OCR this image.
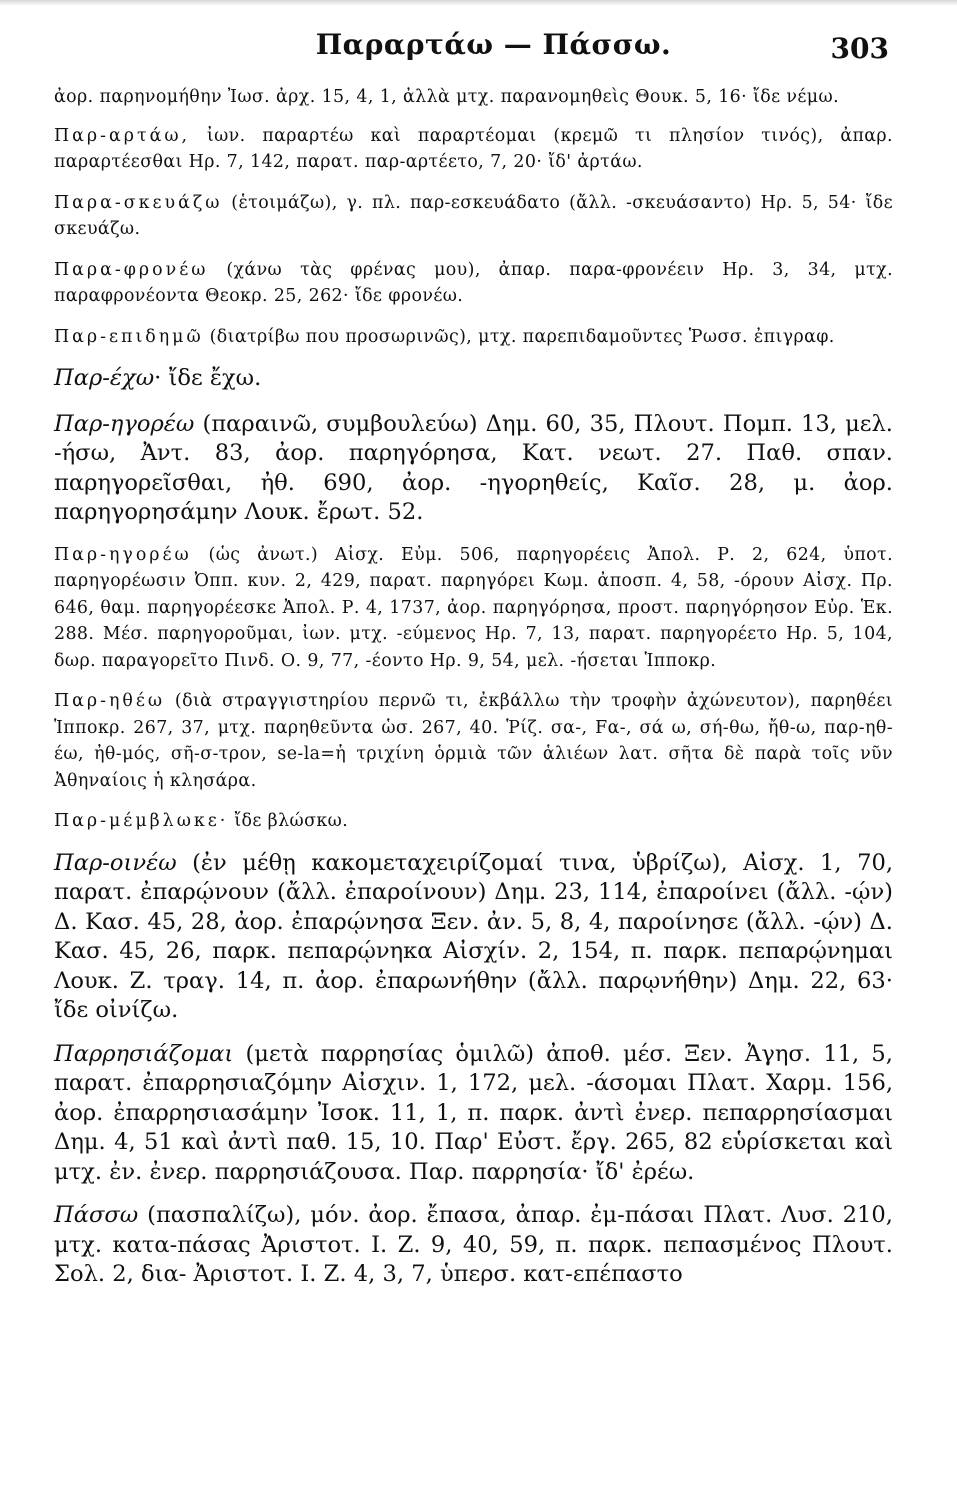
Παραρτάω — Πάσσω.	303

ἀορ. παρηνομήθην Ἰωσ. ἀρχ. 15, 4, 1, ἀλλὰ μτχ. παρανομηθεὶς Θουκ. 5, 16· ἴδε νέμω.

Παρ-αρτάω, ἰων. παραρτέω καὶ παραρτέομαι (κρεμῶ τι πλησίον τινός), ἀπαρ. παραρτέεσθαι Ηρ. 7, 142, παρατ. παρ-αρτέετο, 7, 20· ἴδ' ἀρτάω.

Παρα-σκευάζω (ἑτοιμάζω), γ. πλ. παρ-εσκευάδατο (ἄλλ. -σκευάσαντο) Ηρ. 5, 54· ἴδε σκευάζω.

Παρα-φρονέω (χάνω τὰς φρένας μου), ἀπαρ. παρα-φρονέειν Ηρ. 3, 34, μτχ. παραφρονέοντα Θεοκρ. 25, 262· ἴδε φρονέω.

Παρ-επιδημῶ (διατρίβω που προσωρινῶς), μτχ. παρεπιδαμοῦντες Ῥωσσ. ἐπιγραφ.

Παρ-έχω· ἴδε ἔχω.

Παρ-ηγορέω (παραινῶ, συμβουλεύω) Δημ. 60, 35, Πλουτ. Πομπ. 13, μελ. -ήσω, Ἀντ. 83, ἀορ. παρηγόρησα, Κατ. νεωτ. 27. Παθ. σπαν. παρηγορεῖσθαι, ἠθ. 690, ἀορ. -ηγορηθείς, Καῖσ. 28, μ. ἀορ. παρηγορησάμην Λουκ. ἔρωτ. 52.

Παρ-ηγορέω (ὡς ἀνωτ.) Αἰσχ. Εὐμ. 506, παρηγορέεις Ἀπολ. Ρ. 2, 624, ὑποτ. παρηγορέωσιν Ὀππ. κυν. 2, 429, παρατ. παρηγόρει Κωμ. ἀποσπ. 4, 58, -όρουν Αἰσχ. Πρ. 646, θαμ. παρηγορέεσκε Ἀπολ. Ρ. 4, 1737, ἀορ. παρηγόρησα, προστ. παρηγόρησον Εὐρ. Ἑκ. 288. Μέσ. παρηγοροῦμαι, ἰων. μτχ. -εύμενος Ηρ. 7, 13, παρατ. παρηγορέετο Ηρ. 5, 104, δωρ. παραγορεῖτο Πινδ. Ο. 9, 77, -έοντο Ηρ. 9, 54, μελ. -ήσεται Ἱπποκρ.

Παρ-ηθέω (διὰ στραγγιστηρίου περνῶ τι, ἐκβάλλω τὴν τροφὴν ἀχώνευτον), παρηθέει Ἱπποκρ. 267, 37, μτχ. παρηθεῦντα ὡσ. 267, 40. Ῥίζ. σα-, Fα-, σά ω, σή-θω, ἤθ-ω, παρ-ηθ-έω, ἠθ-μός, σῆ-σ-τρον, se-la=ἡ τριχίνη ὁρμιὰ τῶν ἁλιέων λατ. σῆτα δὲ παρὰ τοῖς νῦν Ἀθηναίοις ἡ κλησάρα.

Παρ-μέμβλωκε· ἴδε βλώσκω.

Παρ-οινέω (ἐν μέθῃ κακομεταχειρίζομαί τινα, ὑβρίζω), Αἰσχ. 1, 70, παρατ. ἐπαρῴνουν (ἄλλ. ἐπαροίνουν) Δημ. 23, 114, ἐπαροίνει (ἄλλ. -ῴν) Δ. Κασ. 45, 28, ἀορ. ἐπαρῴνησα Ξεν. ἀν. 5, 8, 4, παροίνησε (ἄλλ. -ῴν) Δ. Κασ. 45, 26, παρκ. πεπαρῴνηκα Αἰσχίν. 2, 154, π. παρκ. πεπαρῴνημαι Λουκ. Ζ. τραγ. 14, π. ἀορ. ἐπαρωνήθην (ἄλλ. παρῳνήθην) Δημ. 22, 63· ἴδε οἰνίζω.

Παρρησιάζομαι (μετὰ παρρησίας ὁμιλῶ) ἀποθ. μέσ. Ξεν. Ἀγησ. 11, 5, παρατ. ἐπαρρησιαζόμην Αἰσχιν. 1, 172, μελ. -άσομαι Πλατ. Χαρμ. 156, ἀορ. ἐπαρρησιασάμην Ἰσοκ. 11, 1, π. παρκ. ἀντὶ ἐνερ. πεπαρρησίασμαι Δημ. 4, 51 καὶ ἀντὶ παθ. 15, 10. Παρ' Εὐστ. ἔργ. 265, 82 εὑρίσκεται καὶ μτχ. ἐν. ἐνερ. παρρησιάζουσα. Παρ. παρρησία· ἴδ' ἐρέω.

Πάσσω (πασπαλίζω), μόν. ἀορ. ἔπασα, ἀπαρ. ἐμ-πάσαι Πλατ. Λυσ. 210, μτχ. κατα-πάσας Ἀριστοτ. Ι. Ζ. 9, 40, 59, π. παρκ. πεπασμένος Πλουτ. Σολ. 2, δια- Ἀριστοτ. Ι. Ζ. 4, 3, 7, ὑπερσ. κατ-επέπαστο
